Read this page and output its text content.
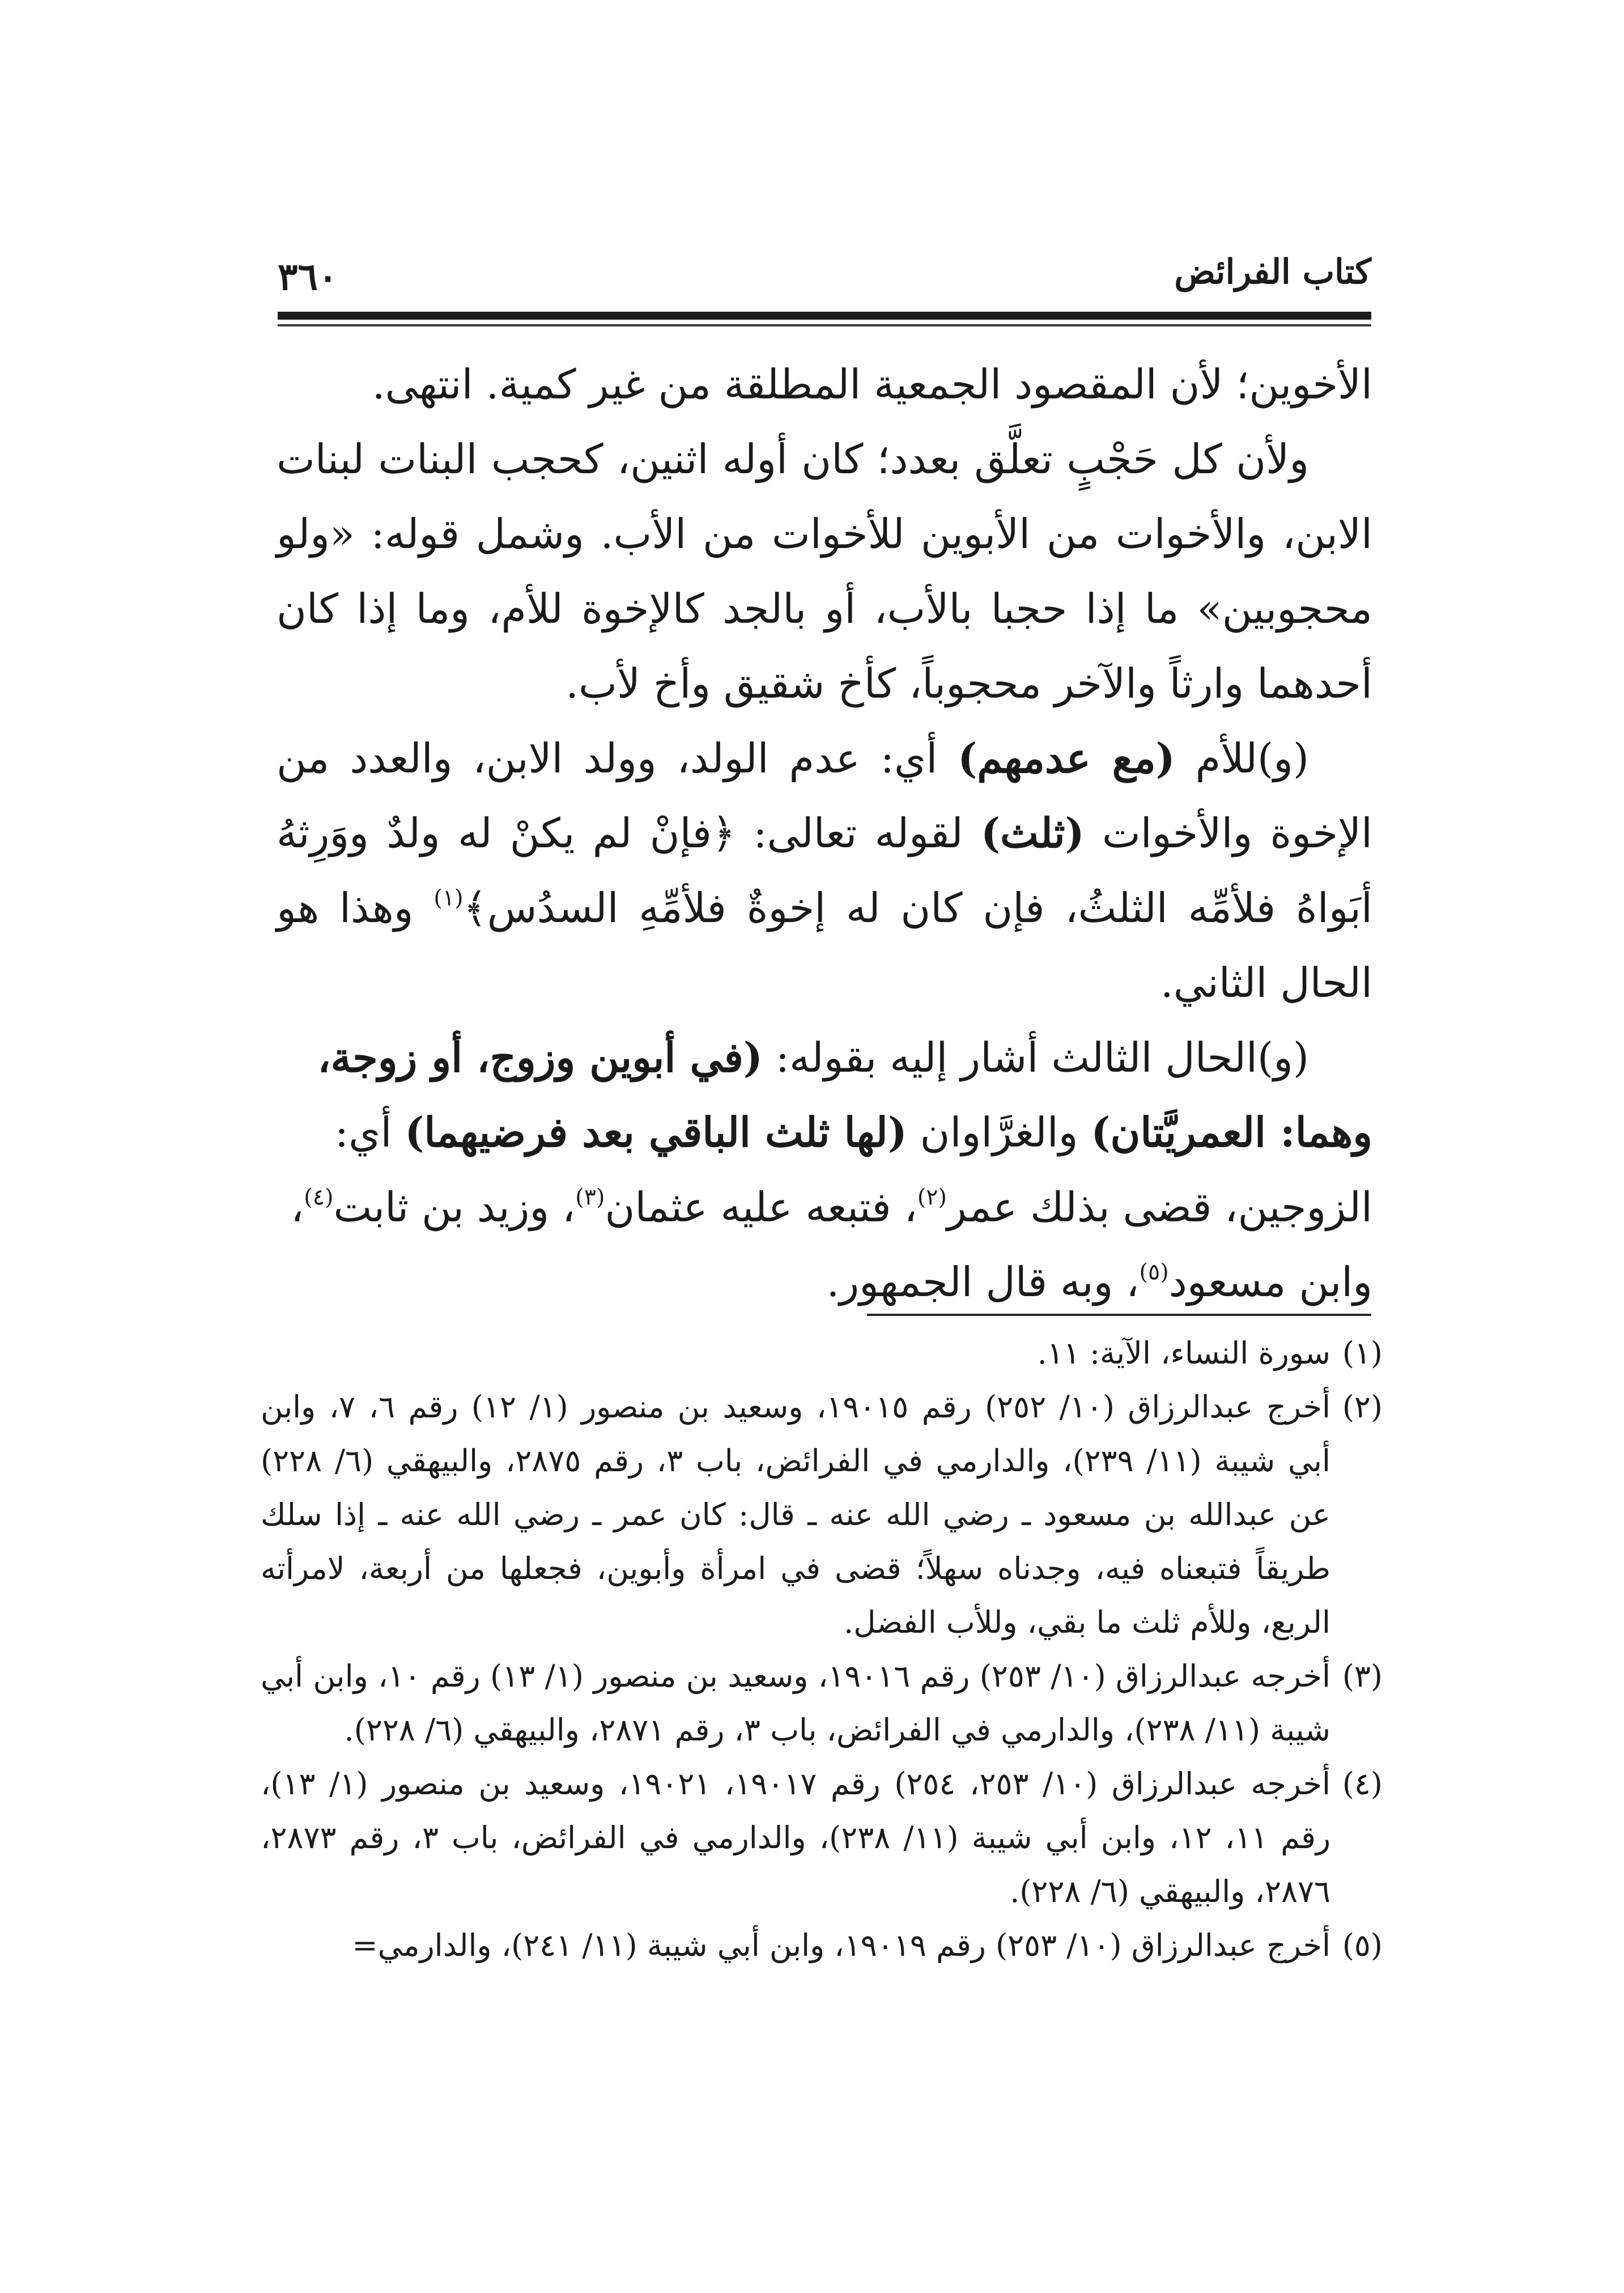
كتاب الفرائض
٣٦٠

الأخوين؛ لأن المقصود الجمعية المطلقة من غير كمية. انتهى.

ولأن كل حَجْبٍ تعلَّق بعدد؛ كان أوله اثنين، كحجب البنات لبنات الابن، والأخوات من الأبوين للأخوات من الأب. وشمل قوله: «ولو محجوبين» ما إذا حجبا بالأب، أو بالجد كالإخوة للأم، وما إذا كان أحدهما وارثاً والآخر محجوباً، كأخ شقيق وأخ لأب.

(و)للأم (مع عدمهم) أي: عدم الولد، وولد الابن، والعدد من الإخوة والأخوات (ثلث) لقوله تعالى: ﴿فإنْ لم يكنْ له ولدٌ ووَرِثهُ أبَواهُ فلأمِّه الثلثُ، فإن كان له إخوةٌ فلأمِّهِ السدُس﴾$^{(١)}$ وهذا هو الحال الثاني.

(و)الحال الثالث أشار إليه بقوله: (في أبوين وزوج، أو زوجة، وهما: العمريَّتان) والغرَّاوان (لها ثلث الباقي بعد فرضيهما) أي: الزوجين، قضى بذلك عمر$^{(٢)}$، فتبعه عليه عثمان$^{(٣)}$، وزيد بن ثابت$^{(٤)}$، وابن مسعود$^{(٥)}$، وبه قال الجمهور.

(١)
سورة النساء، الآية: ١١.
(٢)
أخرج عبدالرزاق (١٠/ ٢٥٢) رقم ١٩٠١٥، وسعيد بن منصور (١/ ١٢) رقم ٦، ٧، وابن أبي شيبة (١١/ ٢٣٩)، والدارمي في الفرائض، باب ٣، رقم ٢٨٧٥، والبيهقي (٦/ ٢٢٨) عن عبدالله بن مسعود ـ رضي الله عنه ـ قال: كان عمر ـ رضي الله عنه ـ إذا سلك طريقاً فتبعناه فيه، وجدناه سهلاً؛ قضى في امرأة وأبوين، فجعلها من أربعة، لامرأته الربع، وللأم ثلث ما بقي، وللأب الفضل.
(٣)
أخرجه عبدالرزاق (١٠/ ٢٥٣) رقم ١٩٠١٦، وسعيد بن منصور (١/ ١٣) رقم ١٠، وابن أبي شيبة (١١/ ٢٣٨)، والدارمي في الفرائض، باب ٣، رقم ٢٨٧١، والبيهقي (٦/ ٢٢٨).
(٤)
أخرجه عبدالرزاق (١٠/ ٢٥٣، ٢٥٤) رقم ١٩٠١٧، ١٩٠٢١، وسعيد بن منصور (١/ ١٣)، رقم ١١، ١٢، وابن أبي شيبة (١١/ ٢٣٨)، والدارمي في الفرائض، باب ٣، رقم ٢٨٧٣، ٢٨٧٦، والبيهقي (٦/ ٢٢٨).
(٥)
أخرج عبدالرزاق (١٠/ ٢٥٣) رقم ١٩٠١٩، وابن أبي شيبة (١١/ ٢٤١)، والدارمي=
